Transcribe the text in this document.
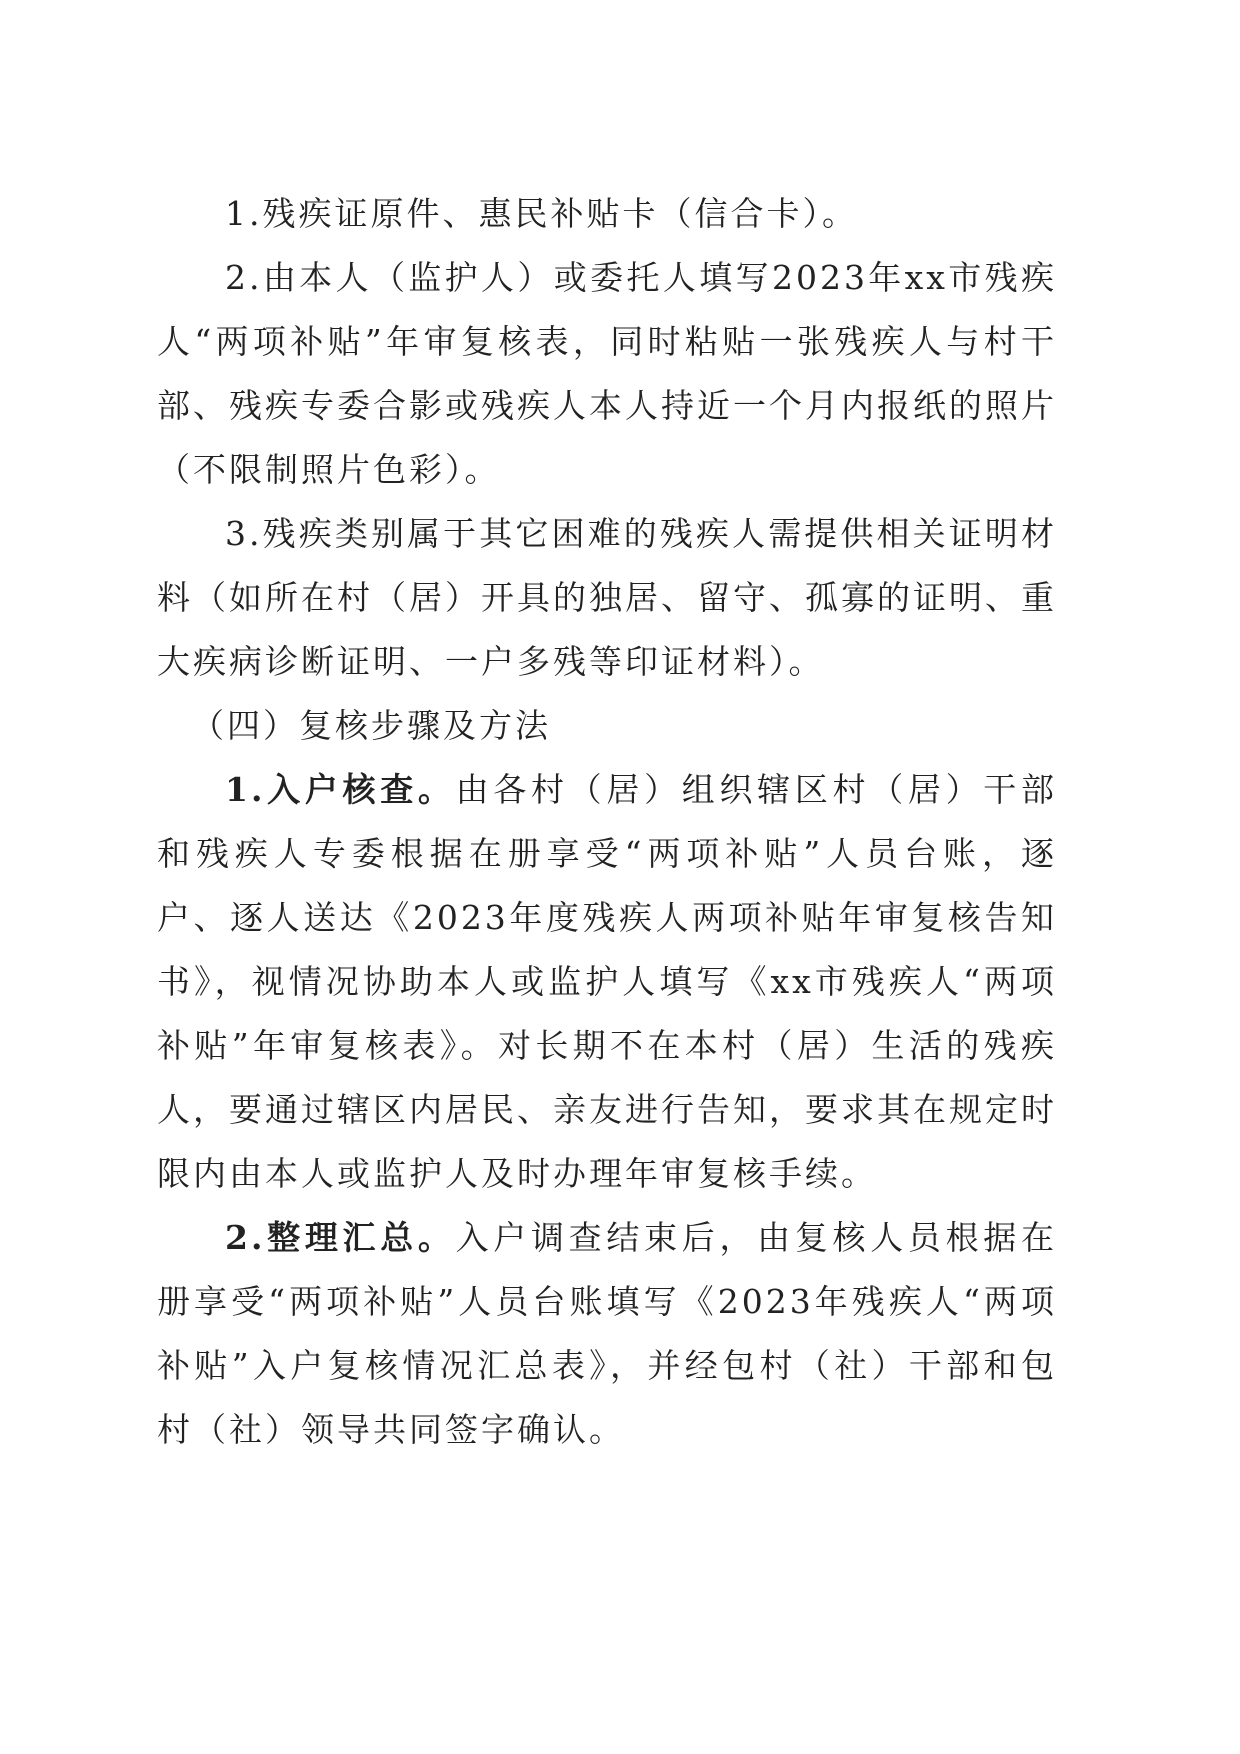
1.残疾证原件、惠民补贴卡（信合卡）。

2.由本人（监护人）或委托人填写2023年xx市残疾人“两项补贴”年审复核表，同时粘贴一张残疾人与村干部、残疾专委合影或残疾人本人持近一个月内报纸的照片（不限制照片色彩）。

3.残疾类别属于其它困难的残疾人需提供相关证明材料（如所在村（居）开具的独居、留守、孤寡的证明、重大疾病诊断证明、一户多残等印证材料）。

（四）复核步骤及方法

1.入户核查。由各村（居）组织辖区村（居）干部和残疾人专委根据在册享受“两项补贴”人员台账，逐户、逐人送达《2023年度残疾人两项补贴年审复核告知书》，视情况协助本人或监护人填写《xx市残疾人“两项补贴”年审复核表》。对长期不在本村（居）生活的残疾人，要通过辖区内居民、亲友进行告知，要求其在规定时限内由本人或监护人及时办理年审复核手续。

2.整理汇总。入户调查结束后，由复核人员根据在册享受“两项补贴”人员台账填写《2023年残疾人“两项补贴”入户复核情况汇总表》，并经包村（社）干部和包村（社）领导共同签字确认。
